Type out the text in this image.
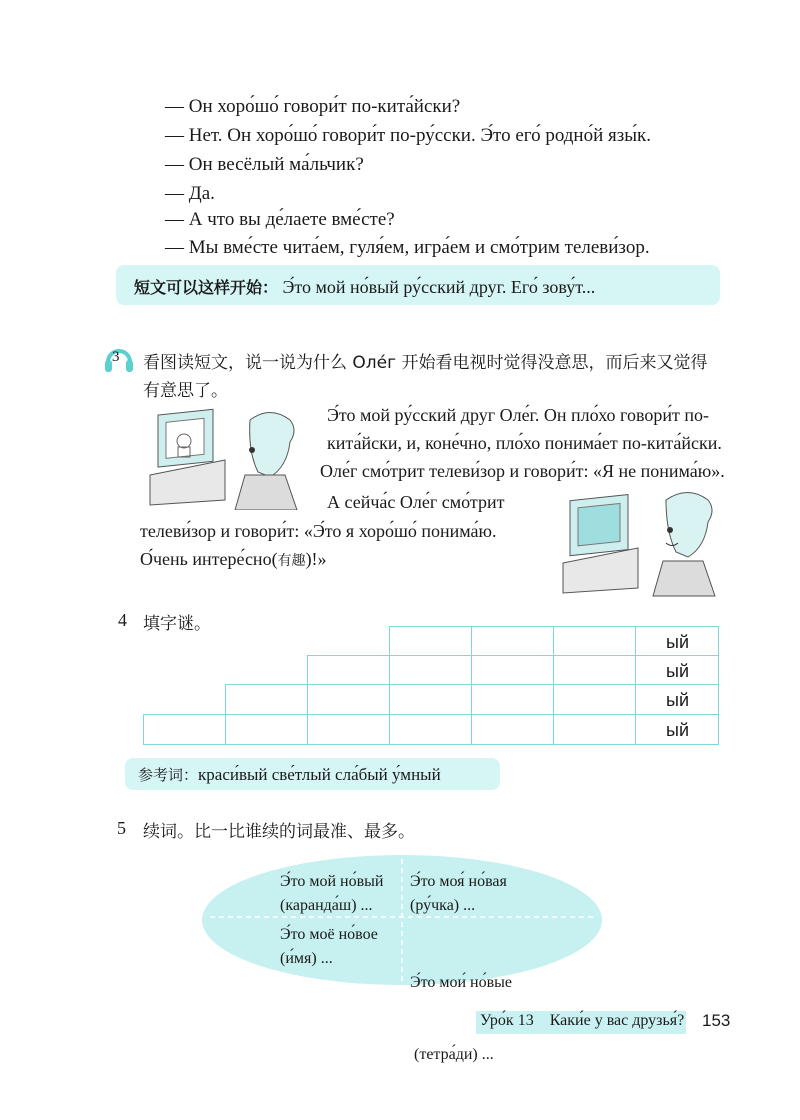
— Он хоро́шо́ говори́т по-кита́йски?
— Нет. Он хоро́шо́ говори́т по-ру́сски. Э́то его́ родно́й язы́к.
— Он весёлый ма́льчик?
— Да.
— А что вы де́лаете вме́сте?
— Мы вме́сте чита́ем, гуля́ем, игра́ем и смо́трим телеви́зор.
短文可以这样开始： Э́то мой но́вый ру́сский друг. Его́ зову́т...
3 看图读短文，说一说为什么 Оле́г 开始看电视时觉得没意思，而后来又觉得
有意思了。
Э́то мой ру́сский друг Оле́г. Он пло́хо говори́т по-
кита́йски, и, коне́чно, пло́хо понима́ет по-кита́йски.
Оле́г смо́трит телеви́зор и говори́т: «Я не понима́ю».
А сейча́с Оле́г смо́трит
телеви́зор и говори́т: «Э́то я хоро́шо́ понима́ю.
О́чень интере́сно(有趣)!»
4 填字谜。
ый
ый
ый
ый
参考词：краси́вый све́тлый сла́бый у́мный
5 续词。比一比谁续的词最准、最多。
Э́то мой но́вый
(каранда́ш) ...
Э́то моя́ но́вая
(ру́чка) ...
Э́то моё но́вое
(и́мя) ...

Э́то мои́ но́вые

(тетра́ди) ...

Уро́к 13    Каки́е у вас друзья́? 153
